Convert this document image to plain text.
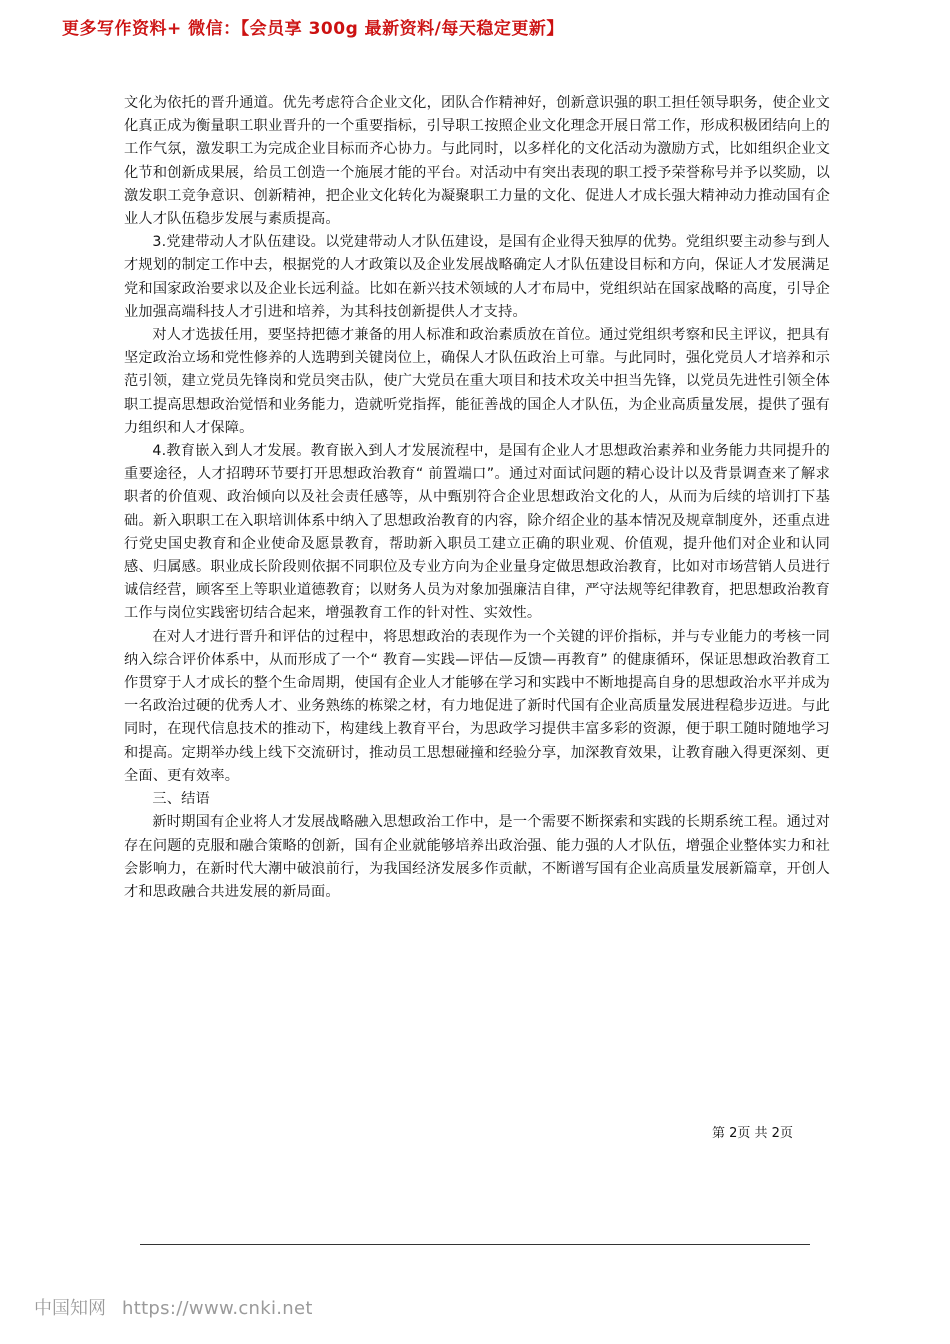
更多写作资料+ 微信：【会员享 300g 最新资料/每天稳定更新】

文化为依托的晋升通道。优先考虑符合企业文化，团队合作精神好，创新意识强的职工担任领导职务，使企业文化真正成为衡量职工职业晋升的一个重要指标，引导职工按照企业文化理念开展日常工作，形成积极团结向上的工作气氛，激发职工为完成企业目标而齐心协力。与此同时，以多样化的文化活动为激励方式，比如组织企业文化节和创新成果展，给员工创造一个施展才能的平台。对活动中有突出表现的职工授予荣誉称号并予以奖励，以激发职工竞争意识、创新精神，把企业文化转化为凝聚职工力量的文化、促进人才成长强大精神动力推动国有企业人才队伍稳步发展与素质提高。

3.党建带动人才队伍建设。以党建带动人才队伍建设，是国有企业得天独厚的优势。党组织要主动参与到人才规划的制定工作中去，根据党的人才政策以及企业发展战略确定人才队伍建设目标和方向，保证人才发展满足党和国家政治要求以及企业长远利益。比如在新兴技术领域的人才布局中，党组织站在国家战略的高度，引导企业加强高端科技人才引进和培养，为其科技创新提供人才支持。

对人才选拔任用，要坚持把德才兼备的用人标准和政治素质放在首位。通过党组织考察和民主评议，把具有坚定政治立场和党性修养的人选聘到关键岗位上，确保人才队伍政治上可靠。与此同时，强化党员人才培养和示范引领，建立党员先锋岗和党员突击队，使广大党员在重大项目和技术攻关中担当先锋，以党员先进性引领全体职工提高思想政治觉悟和业务能力，造就听党指挥，能征善战的国企人才队伍，为企业高质量发展，提供了强有力组织和人才保障。

4.教育嵌入到人才发展。教育嵌入到人才发展流程中，是国有企业人才思想政治素养和业务能力共同提升的重要途径，人才招聘环节要打开思想政治教育“ 前置端口”。通过对面试问题的精心设计以及背景调查来了解求职者的价值观、政治倾向以及社会责任感等，从中甄别符合企业思想政治文化的人，从而为后续的培训打下基础。新入职职工在入职培训体系中纳入了思想政治教育的内容，除介绍企业的基本情况及规章制度外，还重点进行党史国史教育和企业使命及愿景教育，帮助新入职员工建立正确的职业观、价值观，提升他们对企业和认同感、归属感。职业成长阶段则依据不同职位及专业方向为企业量身定做思想政治教育，比如对市场营销人员进行诚信经营，顾客至上等职业道德教育；以财务人员为对象加强廉洁自律，严守法规等纪律教育，把思想政治教育工作与岗位实践密切结合起来，增强教育工作的针对性、实效性。

在对人才进行晋升和评估的过程中，将思想政治的表现作为一个关键的评价指标，并与专业能力的考核一同纳入综合评价体系中，从而形成了一个“ 教育—实践—评估—反馈—再教育” 的健康循环，保证思想政治教育工作贯穿于人才成长的整个生命周期，使国有企业人才能够在学习和实践中不断地提高自身的思想政治水平并成为一名政治过硬的优秀人才、业务熟练的栋梁之材，有力地促进了新时代国有企业高质量发展进程稳步迈进。与此同时，在现代信息技术的推动下，构建线上教育平台，为思政学习提供丰富多彩的资源，便于职工随时随地学习和提高。定期举办线上线下交流研讨，推动员工思想碰撞和经验分享，加深教育效果，让教育融入得更深刻、更全面、更有效率。

三、结语

新时期国有企业将人才发展战略融入思想政治工作中，是一个需要不断探索和实践的长期系统工程。通过对存在问题的克服和融合策略的创新，国有企业就能够培养出政治强、能力强的人才队伍，增强企业整体实力和社会影响力，在新时代大潮中破浪前行，为我国经济发展多作贡献，不断谱写国有企业高质量发展新篇章，开创人才和思政融合共进发展的新局面。

第 2页 共 2页
中国知网 https://www.cnki.net
